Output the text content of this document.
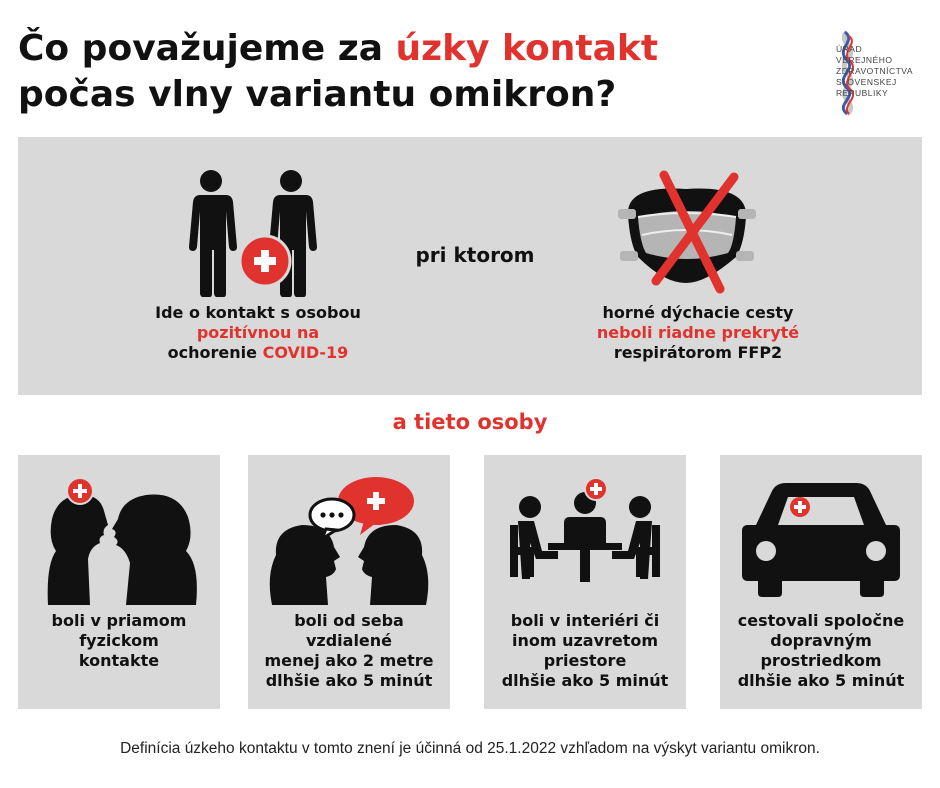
Čo považujeme za úzky kontakt
počas vlny variantu omikron?
ÚRAD
VEREJNÉHO
ZDRAVOTNÍCTVA
SLOVENSKEJ
REPUBLIKY
Ide o kontakt s osobou
pozitívnou na
ochorenie COVID-19
pri ktorom
horné dýchacie cesty
neboli riadne prekryté
respirátorom FFP2
a tieto osoby
boli v priamom
fyzickom
kontakte
boli od seba
vzdialené
menej ako 2 metre
dlhšie ako 5 minút
boli v interiéri či
inom uzavretom
priestore
dlhšie ako 5 minút
cestovali spoločne
dopravným
prostriedkom
dlhšie ako 5 minút
Definícia úzkeho kontaktu v tomto znení je účinná od 25.1.2022 vzhľadom na výskyt variantu omikron.
